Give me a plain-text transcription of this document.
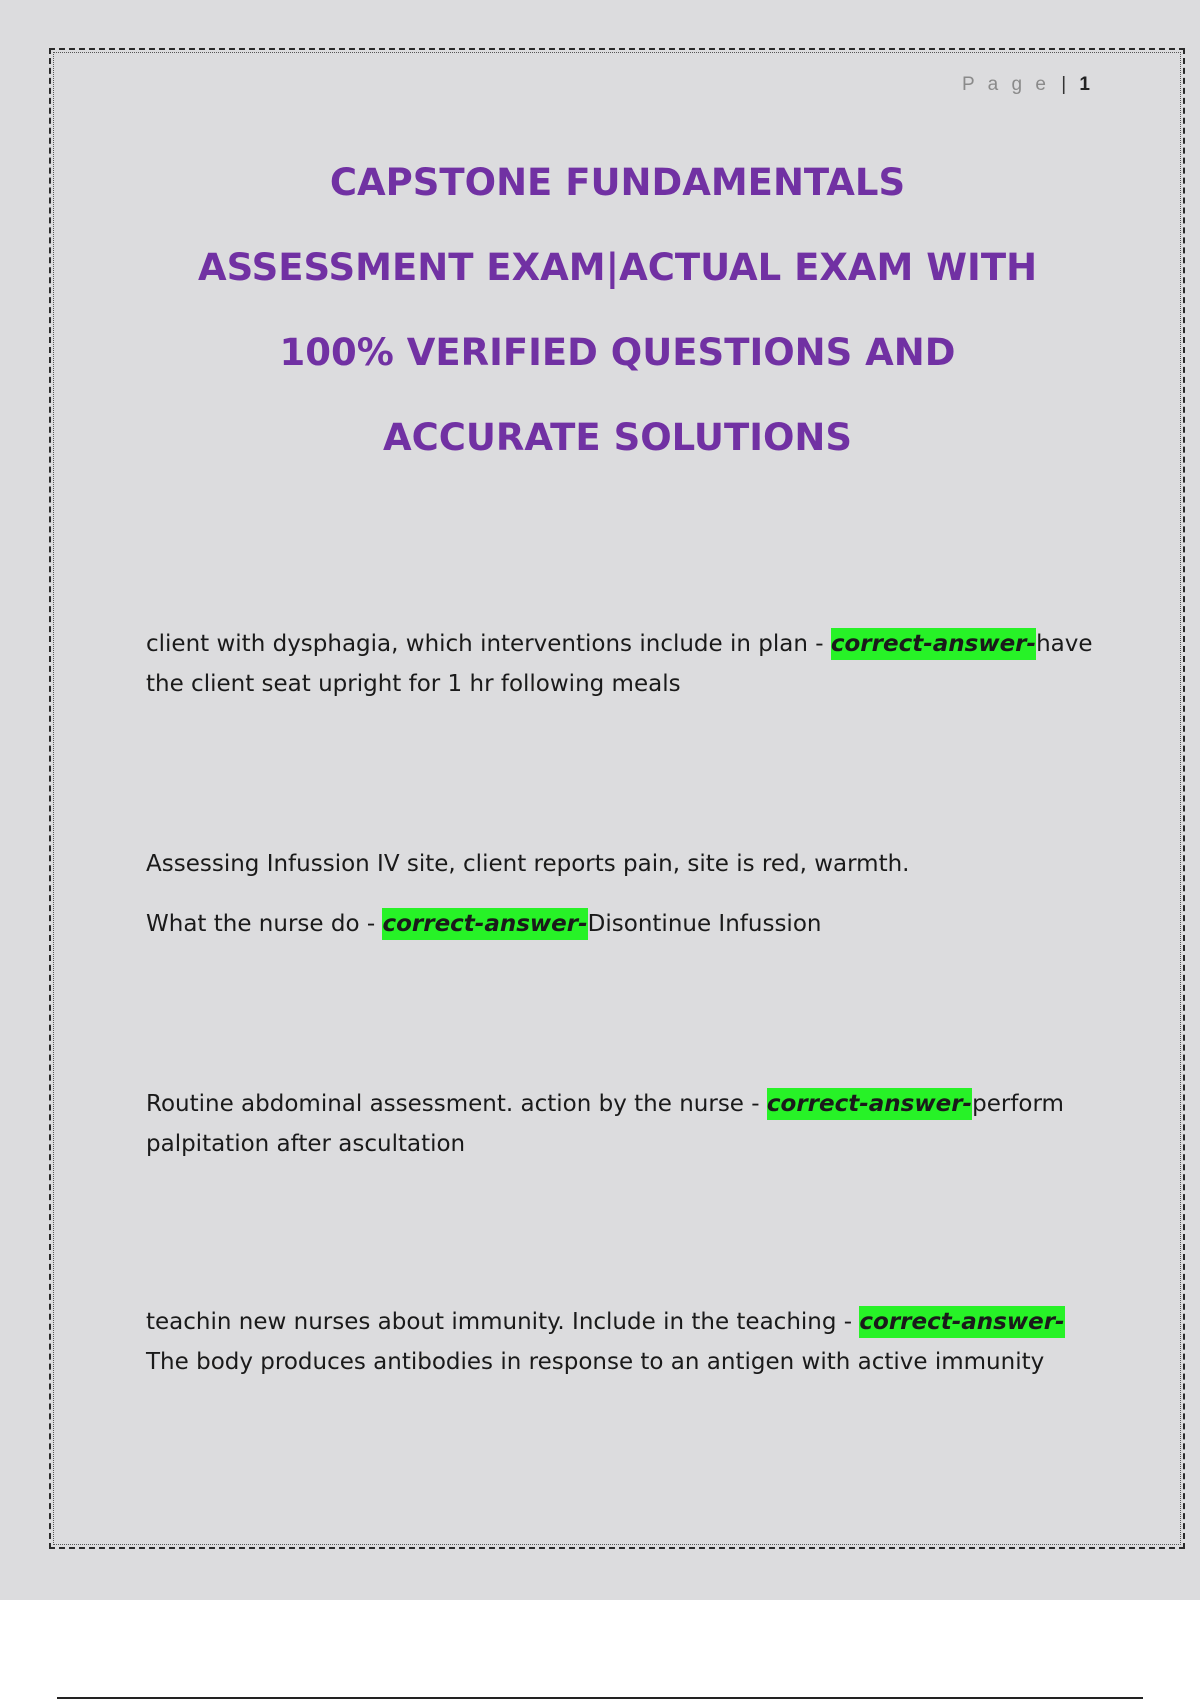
P a g e | 1
CAPSTONE FUNDAMENTALS
ASSESSMENT EXAM|ACTUAL EXAM WITH
100% VERIFIED QUESTIONS AND
ACCURATE SOLUTIONS

client with dysphagia, which interventions include in plan - correct-answer-have the client seat upright for 1 hr following meals

Assessing Infussion IV site, client reports pain, site is red, warmth.

What the nurse do - correct-answer-Disontinue Infussion

Routine abdominal assessment. action by the nurse - correct-answer-perform palpitation after ascultation

teachin new nurses about immunity. Include in the teaching - correct-answer-The body produces antibodies in response to an antigen with active immunity
